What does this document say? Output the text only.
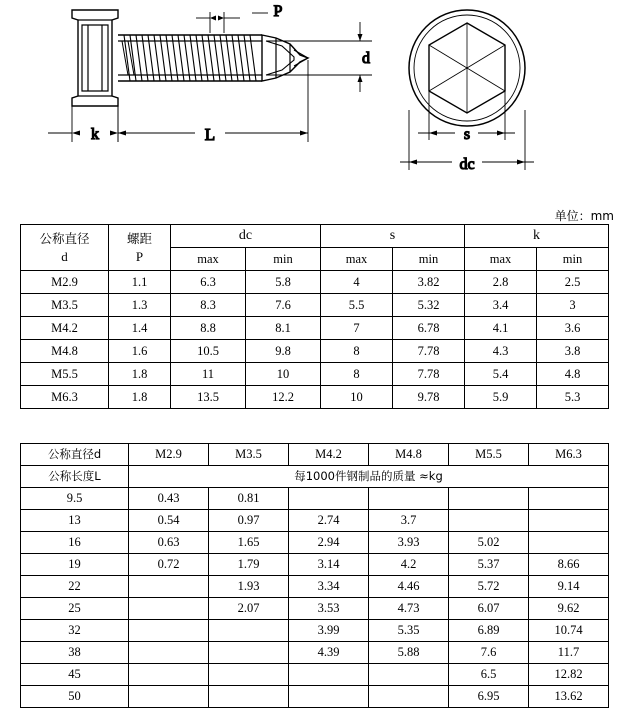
P
d
k	L	s
dc
单位：mm
公称直径
d

螺距
P
	dc	s	k
		max	min	max	min	max	min
M2.9	1.1	6.3	5.8	4	3.82	2.8	2.5
M3.5	1.3	8.3	7.6	5.5	5.32	3.4	3
M4.2	1.4	8.8	8.1	7	6.78	4.1	3.6
M4.8	1.6	10.5	9.8	8	7.78	4.3	3.8
M5.5	1.8	11	10	8	7.78	5.4	4.8
M6.3	1.8	13.5	12.2	10	9.78	5.9	5.3
公称直径d	M2.9	M3.5	M4.2	M4.8	M5.5	M6.3
公称长度L	每1000件钢制品的质量 ≈kg					
9.5	0.43	0.81				
13	0.54	0.97	2.74	3.7		
16	0.63	1.65	2.94	3.93	5.02	
19	0.72	1.79	3.14	4.2	5.37	8.66
22		1.93	3.34	4.46	5.72	9.14
25		2.07	3.53	4.73	6.07	9.62
32			3.99	5.35	6.89	10.74
38			4.39	5.88	7.6	11.7
45					6.5	12.82
50					6.95	13.62
